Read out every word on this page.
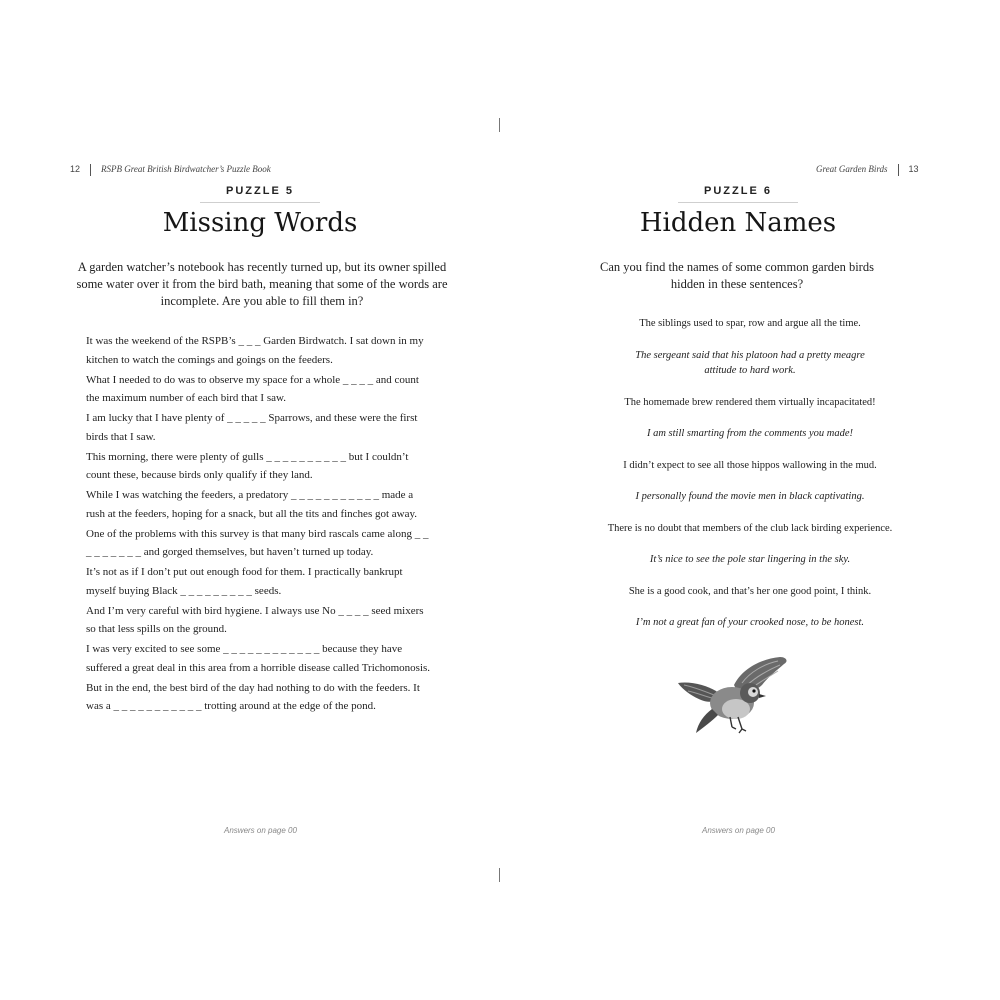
12 RSPB Great British Birdwatcher’s Puzzle Book
PUZZLE 5
Missing Words
A garden watcher’s notebook has recently turned up, but its owner spilled some water over it from the bird bath, meaning that some of the words are incomplete. Are you able to fill them in?

It was the weekend of the RSPB’s _ _ _ Garden Birdwatch. I sat down in my kitchen to watch the comings and goings on the feeders.

What I needed to do was to observe my space for a whole _ _ _ _ and count the maximum number of each bird that I saw.

I am lucky that I have plenty of _ _ _ _ _ Sparrows, and these were the first birds that I saw.

This morning, there were plenty of gulls _ _ _ _ _ _ _ _ _ _ but I couldn’t count these, because birds only qualify if they land.

While I was watching the feeders, a predatory _ _ _ _ _ _ _ _ _ _ _ made a rush at the feeders, hoping for a snack, but all the tits and finches got away.

One of the problems with this survey is that many bird rascals came along _ _ _ _ _ _ _ _ _ and gorged themselves, but haven’t turned up today.

It’s not as if I don’t put out enough food for them. I practically bankrupt myself buying Black _ _ _ _ _ _ _ _ _ seeds.

And I’m very careful with bird hygiene. I always use No _ _ _ _ seed mixers so that less spills on the ground.

I was very excited to see some _ _ _ _ _ _ _ _ _ _ _ _ because they have suffered a great deal in this area from a horrible disease called Trichomonosis.

But in the end, the best bird of the day had nothing to do with the feeders. It was a _ _ _ _ _ _ _ _ _ _ _ trotting around at the edge of the pond.

Answers on page 00
Great Garden Birds 13
PUZZLE 6
Hidden Names
Can you find the names of some common garden birds hidden in these sentences?
Answers on page 00

The siblings used to spar, row and argue all the time.

The sergeant said that his platoon had a pretty meagre attitude to hard work.

The homemade brew rendered them virtually incapacitated!

I am still smarting from the comments you made!

I didn’t expect to see all those hippos wallowing in the mud.

I personally found the movie men in black captivating.

There is no doubt that members of the club lack birding experience.

It’s nice to see the pole star lingering in the sky.

She is a good cook, and that’s her one good point, I think.

I’m not a great fan of your crooked nose, to be honest.
